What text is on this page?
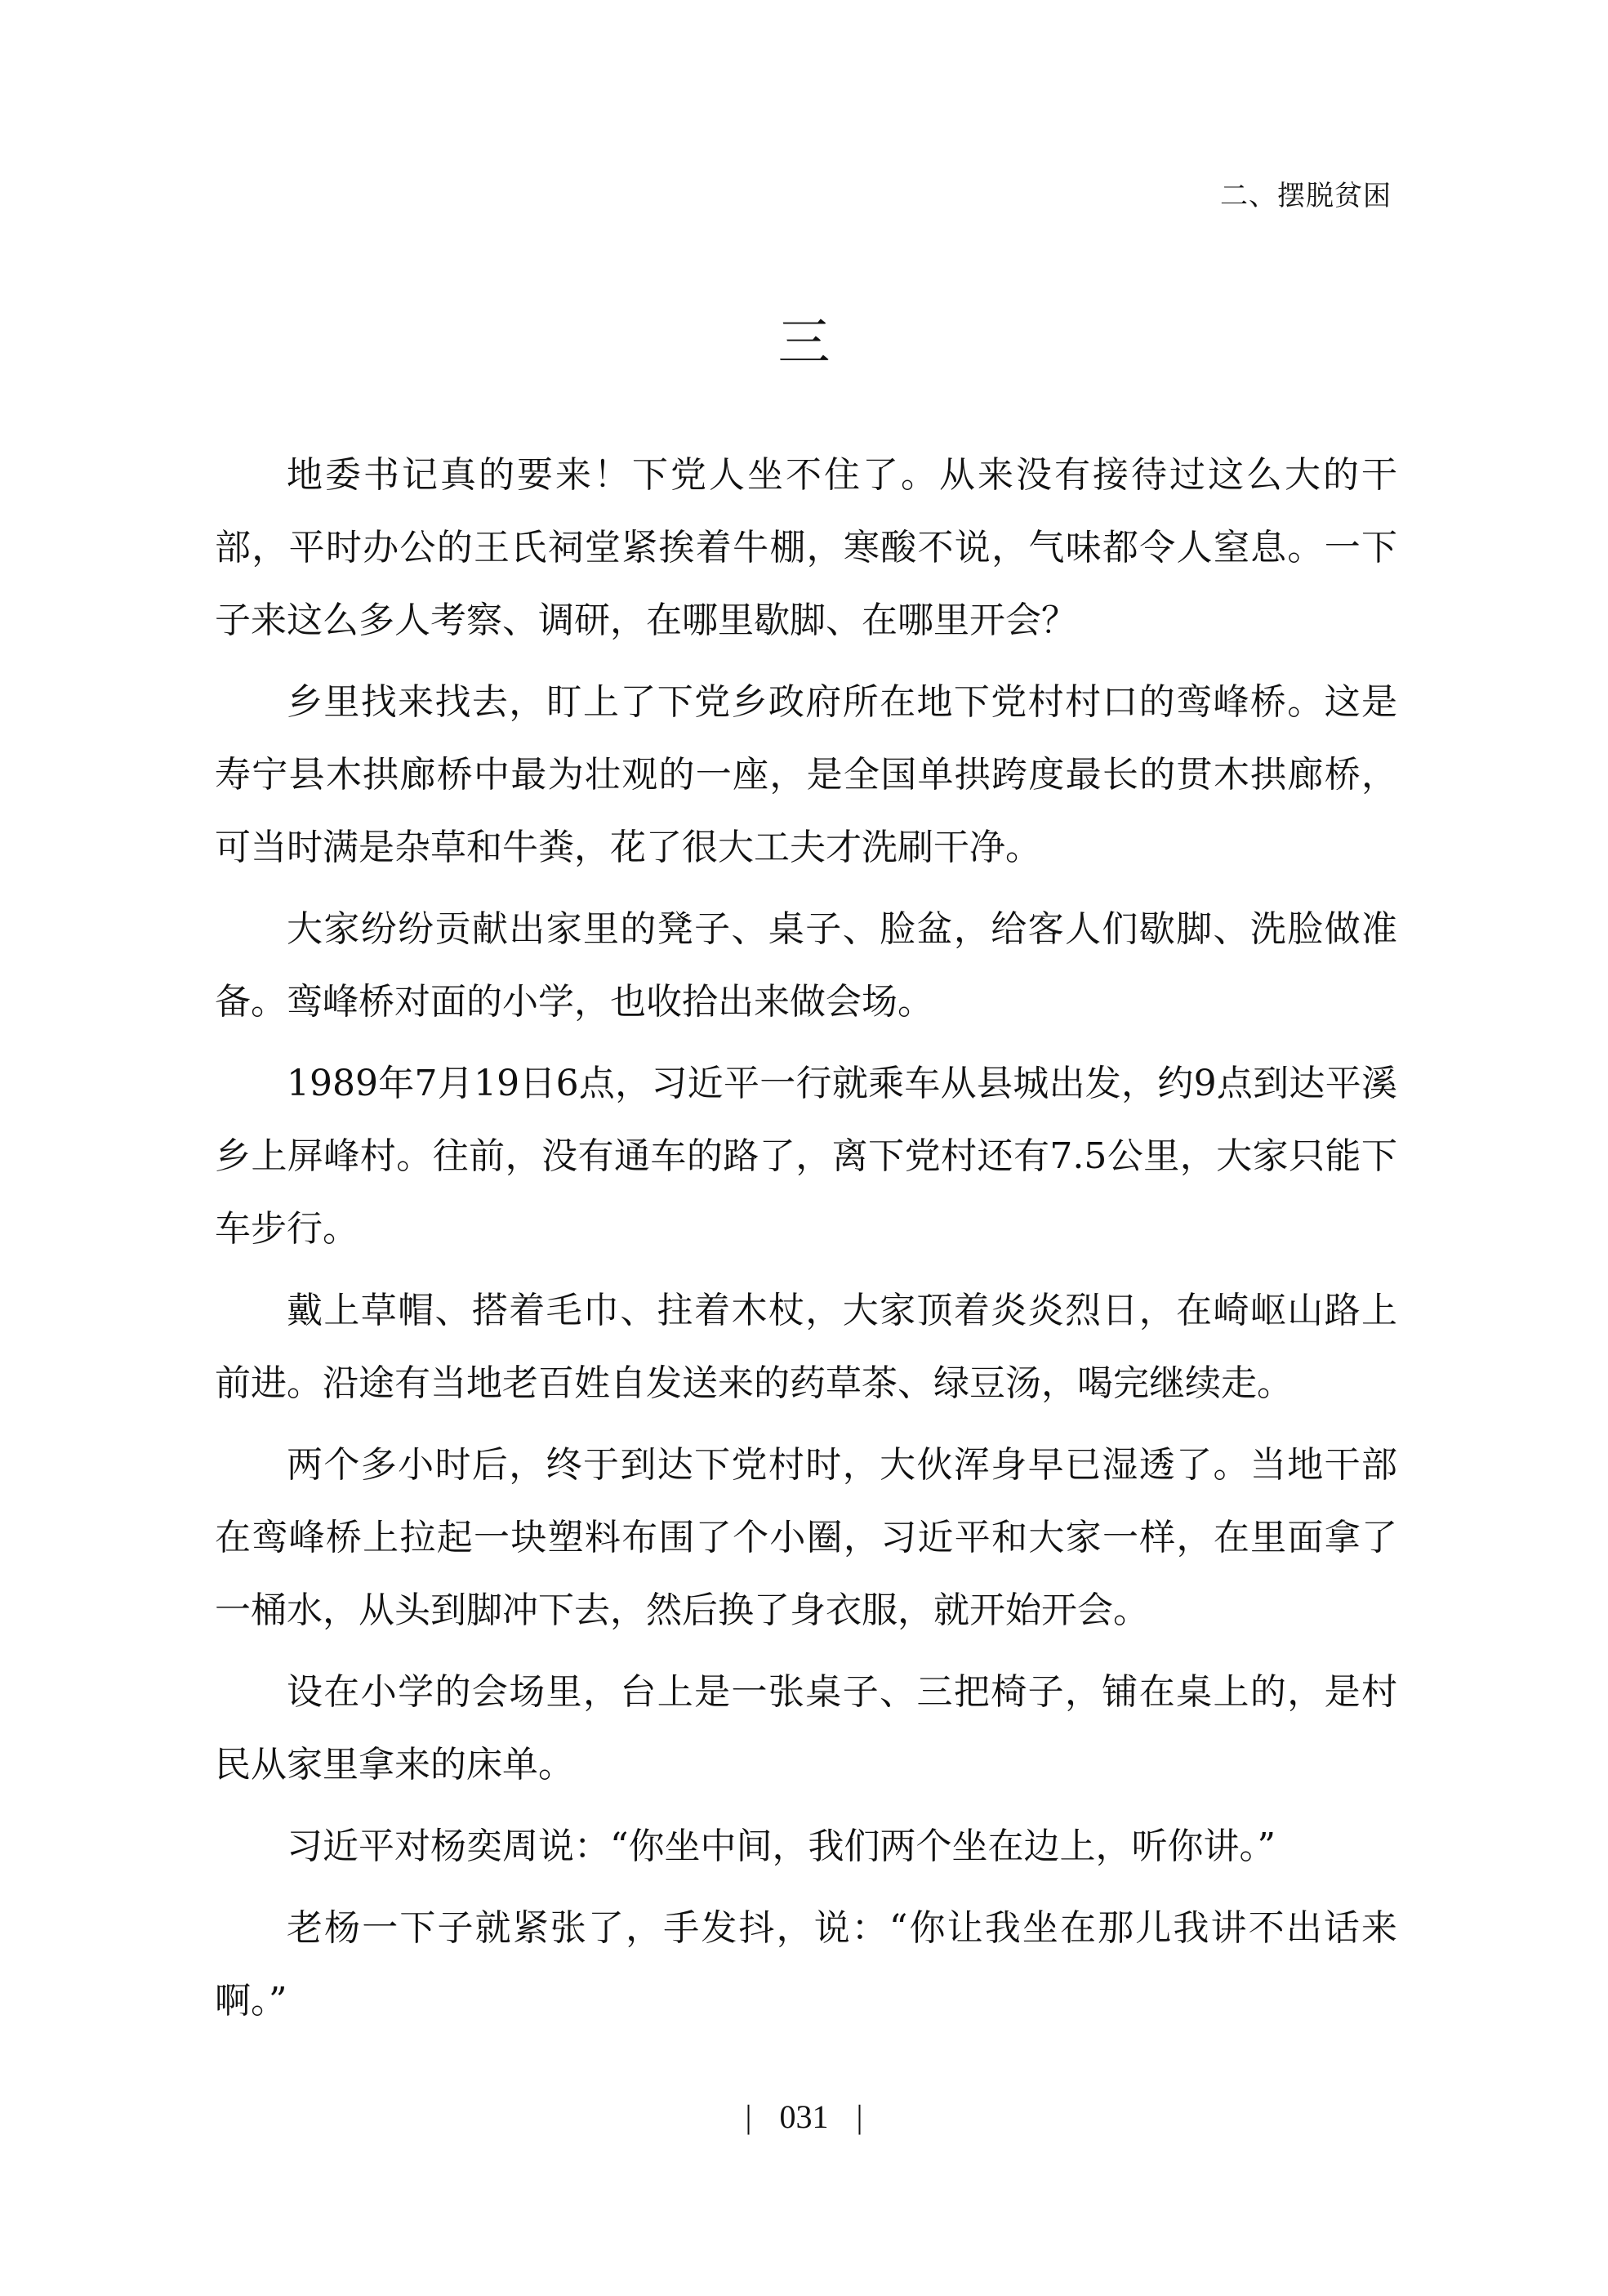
二、摆脱贫困
三

地委书记真的要来！下党人坐不住了。从来没有接待过这么大的干部，平时办公的王氏祠堂紧挨着牛棚，寒酸不说，气味都令人窒息。一下子来这么多人考察、调研，在哪里歇脚、在哪里开会？

乡里找来找去，盯上了下党乡政府所在地下党村村口的鸾峰桥。这是寿宁县木拱廊桥中最为壮观的一座，是全国单拱跨度最长的贯木拱廊桥，可当时满是杂草和牛粪，花了很大工夫才洗刷干净。

大家纷纷贡献出家里的凳子、桌子、脸盆，给客人们歇脚、洗脸做准备。鸾峰桥对面的小学，也收拾出来做会场。

1989年7月19日6点，习近平一行就乘车从县城出发，约9点到达平溪乡上屏峰村。往前，没有通车的路了，离下党村还有7.5公里，大家只能下车步行。

戴上草帽、搭着毛巾、拄着木杖，大家顶着炎炎烈日，在崎岖山路上前进。沿途有当地老百姓自发送来的药草茶、绿豆汤，喝完继续走。

两个多小时后，终于到达下党村时，大伙浑身早已湿透了。当地干部在鸾峰桥上拉起一块塑料布围了个小圈，习近平和大家一样，在里面拿了一桶水，从头到脚冲下去，然后换了身衣服，就开始开会。

设在小学的会场里，台上是一张桌子、三把椅子，铺在桌上的，是村民从家里拿来的床单。

习近平对杨奕周说：“你坐中间，我们两个坐在边上，听你讲。”

老杨一下子就紧张了，手发抖，说：“你让我坐在那儿我讲不出话来啊。”

| 031 |
